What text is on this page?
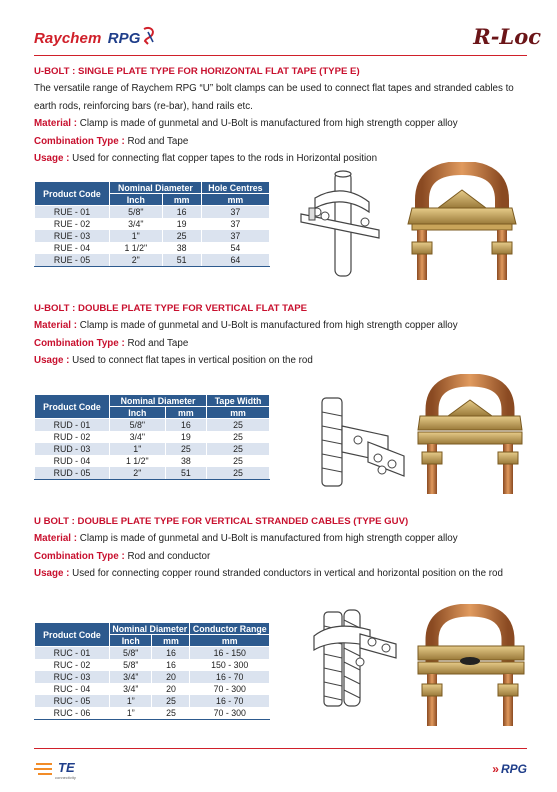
Raychem RPG	R-Loc
U-BOLT : SINGLE PLATE TYPE FOR HORIZONTAL FLAT TAPE (TYPE E)
The versatile range of Raychem RPG “U” bolt clamps can be used to connect flat tapes and stranded cables to earth rods, reinforcing bars (re-bar), hand rails etc.
Material : Clamp is made of gunmetal and U-Bolt is manufactured from high strength copper alloy
Combination Type : Rod and Tape
Usage : Used for connecting flat copper tapes to the rods in Horizontal position
Product Code	Nominal Diameter		Hole Centres
	Inch	mm	mm
RUE - 01	5/8"	16	37
RUE - 02	3/4"	19	37
RUE - 03	1"	25	37
RUE - 04	1 1/2"	38	54
RUE - 05	2"	51	64
U-BOLT : DOUBLE PLATE TYPE FOR VERTICAL FLAT TAPE
Material : Clamp is made of gunmetal and U-Bolt is manufactured from high strength copper alloy
Combination Type : Rod and Tape
Usage : Used to connect flat tapes in vertical position on the rod
Product Code	Nominal Diameter		Tape Width
	Inch	mm	mm
RUD - 01	5/8"	16	25
RUD - 02	3/4"	19	25
RUD - 03	1"	25	25
RUD - 04	1 1/2"	38	25
RUD - 05	2"	51	25
U BOLT : DOUBLE PLATE TYPE FOR VERTICAL STRANDED CABLES (TYPE GUV)
Material : Clamp is made of gunmetal and U-Bolt is manufactured from high strength copper alloy
Combination Type : Rod and conductor
Usage : Used for connecting copper round stranded conductors in vertical and horizontal position on the rod
Product Code	Nominal Diameter		Conductor Range
	Inch	mm	mm
RUC - 01	5/8"	16	16 - 150
RUC - 02	5/8”	16	150 - 300
RUC - 03	3/4”	20	16 - 70
RUC - 04	3/4”	20	70 - 300
RUC - 05	1”	25	16 - 70
RUC - 06	1”	25	70 - 300
TE
connectivity
» RPG
